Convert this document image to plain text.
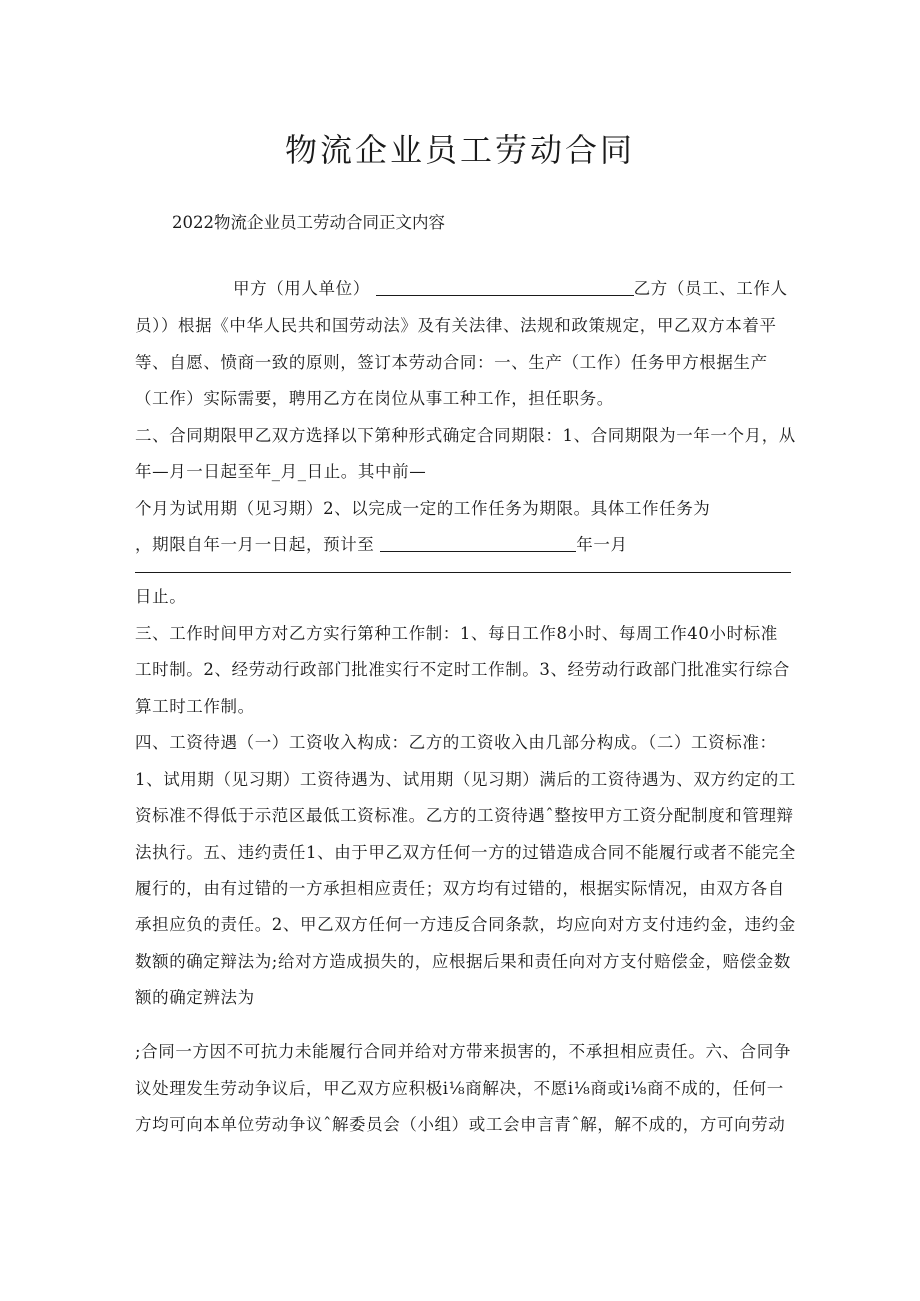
物流企业员工劳动合同
2022物流企业员工劳动合同正文内容
甲方（用人单位）	乙方（员工、工作人
员））根据《中华人民共和国劳动法》及有关法律、法规和政策规定，甲乙双方本着平
等、自愿、愤商一致的原则，签订本劳动合同：一、生产（工作）任务甲方根据生产
（工作）实际需要，聘用乙方在岗位从事工种工作，担任职务。
二、合同期限甲乙双方选择以下第种形式确定合同期限：1、合同期限为一年一个月，从
年—月一日起至年_月_日止。其中前—
个月为试用期（见习期）2、以完成一定的工作任务为期限。具体工作任务为
，期限自年一月一日起，预计至	年一月
日止。
三、工作时间甲方对乙方实行第种工作制：1、每日工作8小时、每周工作40小时标准
工时制。2、经劳动行政部门批准实行不定时工作制。3、经劳动行政部门批准实行综合
算工时工作制。
四、工资待遇（一）工资收入构成：乙方的工资收入由几部分构成。（二）工资标准：
1、试用期（见习期）工资待遇为、试用期（见习期）满后的工资待遇为、双方约定的工
资标准不得低于示范区最低工资标准。乙方的工资待遇ˆ整按甲方工资分配制度和管理辩
法执行。五、违约责任1、由于甲乙双方任何一方的过错造成合同不能履行或者不能完全
履行的，由有过错的一方承担相应责任；双方均有过错的，根据实际情况，由双方各自
承担应负的责任。2、甲乙双方任何一方违反合同条款，均应向对方支付违约金，违约金
数额的确定辩法为;给对方造成损失的，应根据后果和责任向对方支付赔偿金，赔偿金数
额的确定辨法为
;合同一方因不可抗力未能履行合同并给对方带来损害的，不承担相应责任。六、合同争
议处理发生劳动争议后，甲乙双方应积极i⅛商解决，不愿i⅛商或i⅛商不成的，任何一
方均可向本单位劳动争议ˆ解委员会（小组）或工会申言青ˆ解，解不成的，方可向劳动
